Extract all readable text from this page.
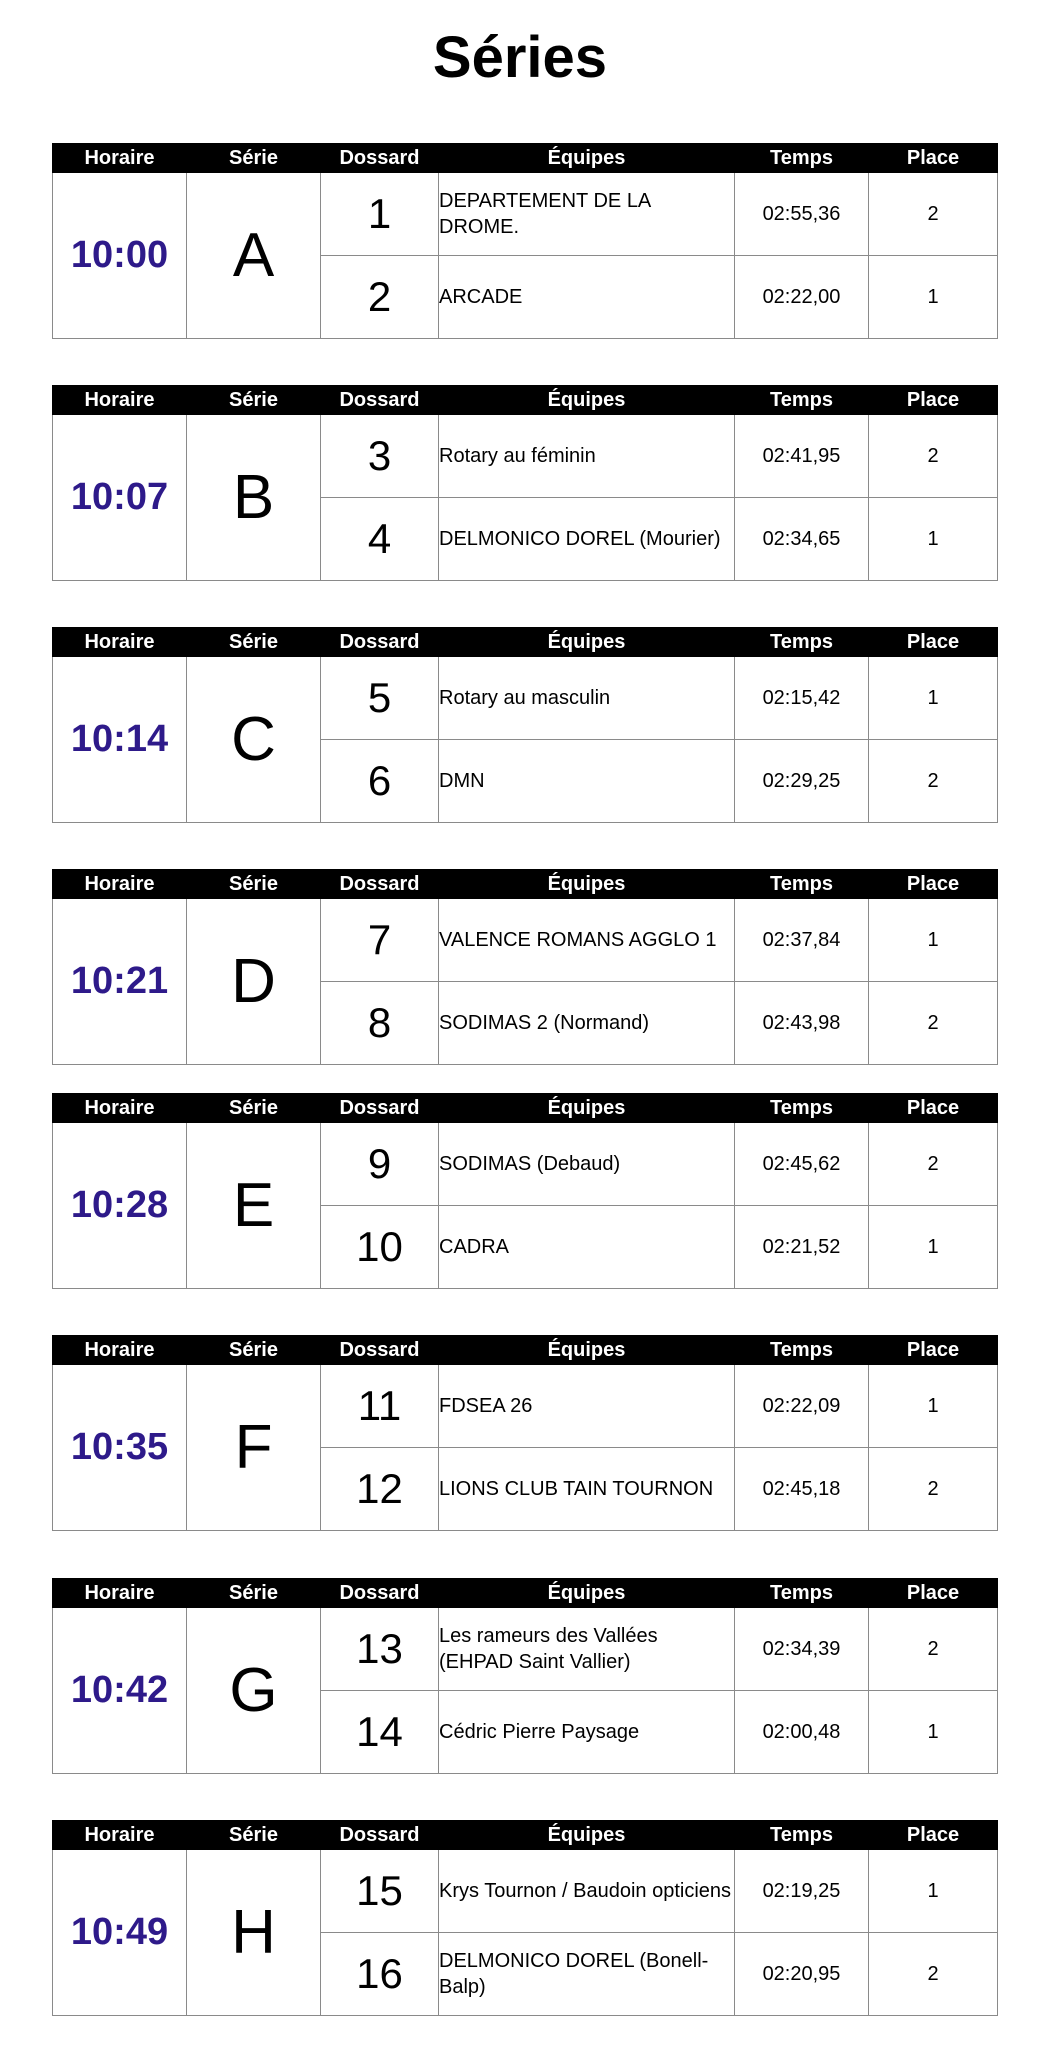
Séries
Horaire	Série	Dossard	Équipes	Temps	Place
10:00	A	1	DEPARTEMENT DE LA DROME.	02:55,36	2
		2	ARCADE	02:22,00	1
Horaire	Série	Dossard	Équipes	Temps	Place
10:07	B	3	Rotary au féminin	02:41,95	2
		4	DELMONICO DOREL (Mourier)	02:34,65	1
Horaire	Série	Dossard	Équipes	Temps	Place
10:14	C	5	Rotary au masculin	02:15,42	1
		6	DMN	02:29,25	2
Horaire	Série	Dossard	Équipes	Temps	Place
10:21	D	7	VALENCE ROMANS AGGLO 1	02:37,84	1
		8	SODIMAS 2 (Normand)	02:43,98	2
Horaire	Série	Dossard	Équipes	Temps	Place
10:28	E	9	SODIMAS (Debaud)	02:45,62	2
		10	CADRA	02:21,52	1
Horaire	Série	Dossard	Équipes	Temps	Place
10:35	F	11	FDSEA 26	02:22,09	1
		12	LIONS CLUB TAIN TOURNON	02:45,18	2
Horaire	Série	Dossard	Équipes	Temps	Place
10:42	G	13	Les rameurs des Vallées (EHPAD Saint Vallier)	02:34,39	2
		14	Cédric Pierre Paysage	02:00,48	1
Horaire	Série	Dossard	Équipes	Temps	Place
10:49	H	15	Krys Tournon / Baudoin opticiens	02:19,25	1
		16	DELMONICO DOREL (Bonell-Balp)	02:20,95	2
